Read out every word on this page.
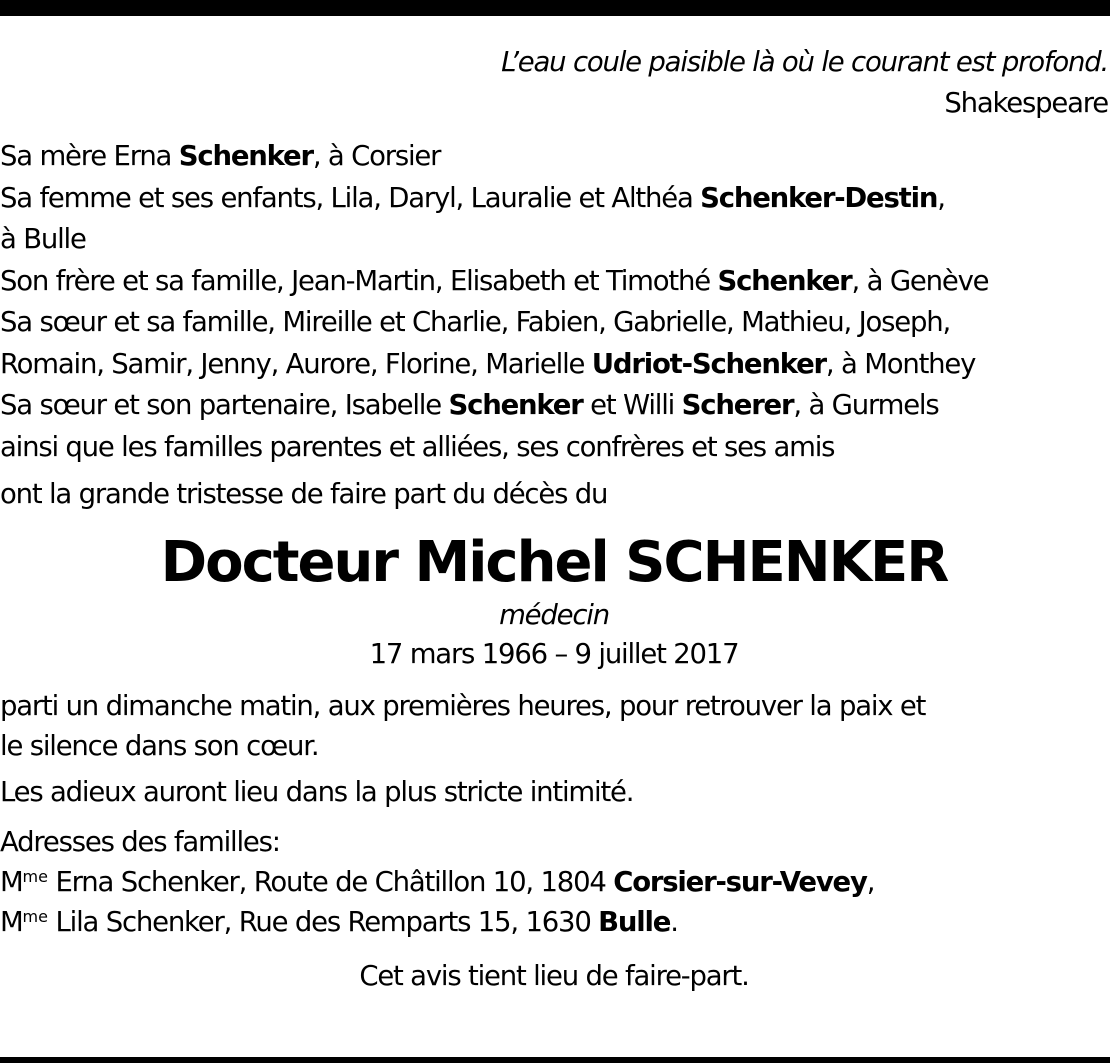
L’eau coule paisible là où le courant est profond.
Shakespeare
Sa mère Erna Schenker, à Corsier
Sa femme et ses enfants, Lila, Daryl, Lauralie et Althéa Schenker-Destin,
à Bulle
Son frère et sa famille, Jean-Martin, Elisabeth et Timothé Schenker, à Genève
Sa sœur et sa famille, Mireille et Charlie, Fabien, Gabrielle, Mathieu, Joseph,
Romain, Samir, Jenny, Aurore, Florine, Marielle Udriot-Schenker, à Monthey
Sa sœur et son partenaire, Isabelle Schenker et Willi Scherer, à Gurmels
ainsi que les familles parentes et alliées, ses confrères et ses amis
ont la grande tristesse de faire part du décès du
Docteur Michel SCHENKER
médecin
17 mars 1966 – 9 juillet 2017
parti un dimanche matin, aux premières heures, pour retrouver la paix et
le silence dans son cœur.
Les adieux auront lieu dans la plus stricte intimité.
Adresses des familles:
$M^{me}$ Erna Schenker, Route de Châtillon 10, 1804 Corsier-sur-Vevey,
$M^{me}$ Lila Schenker, Rue des Remparts 15, 1630 Bulle.
Cet avis tient lieu de faire-part.
